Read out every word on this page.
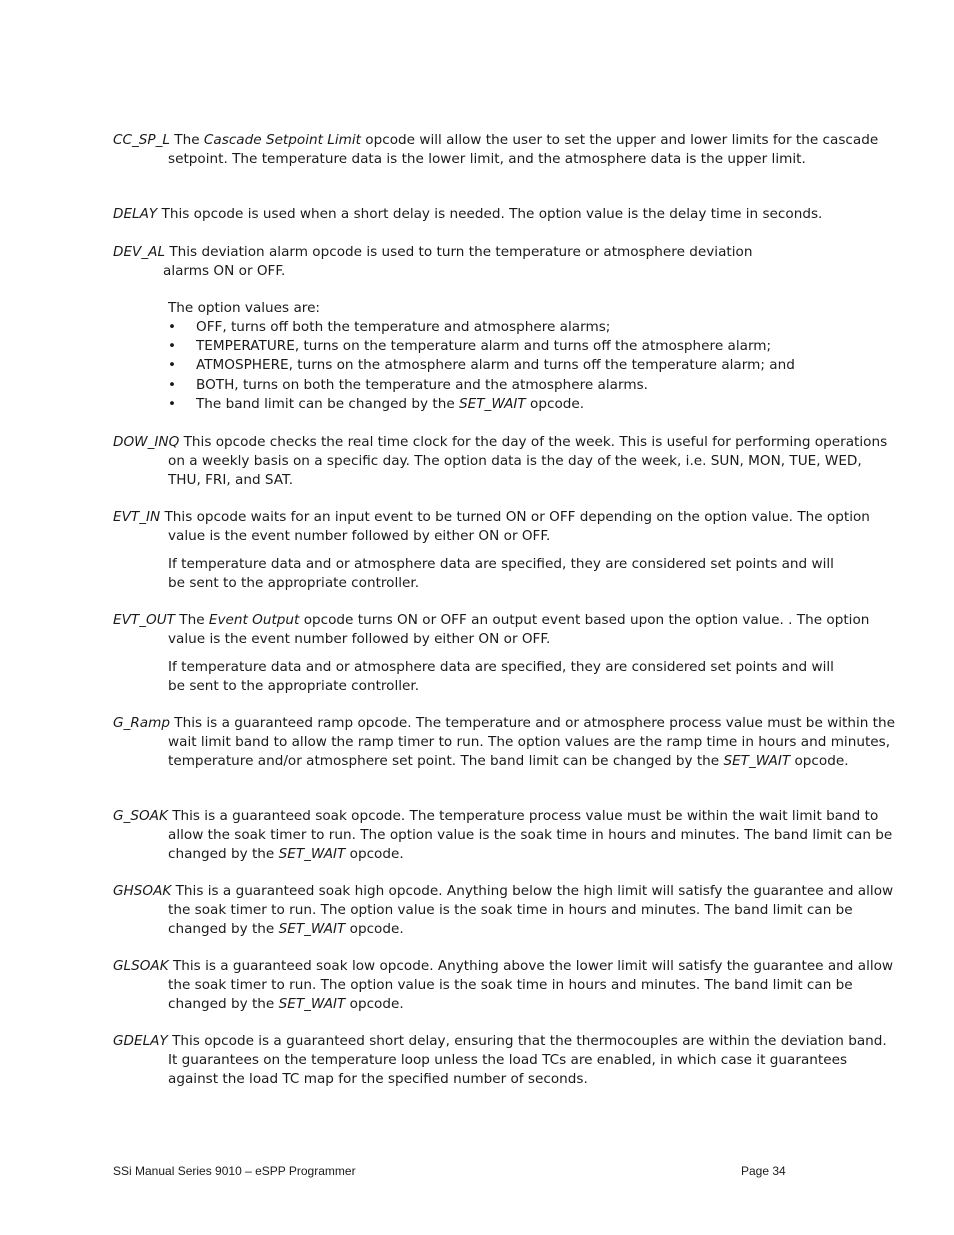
CC_SP_L The Cascade Setpoint Limit opcode will allow the user to set the upper and lower limits for the cascade setpoint. The temperature data is the lower limit, and the atmosphere data is the upper limit.
DELAY This opcode is used when a short delay is needed. The option value is the delay time in seconds.
DEV_AL This deviation alarm opcode is used to turn the temperature or atmosphere deviation
alarms ON or OFF.
The option values are:
• OFF, turns off both the temperature and atmosphere alarms;
• TEMPERATURE, turns on the temperature alarm and turns off the atmosphere alarm;
• ATMOSPHERE, turns on the atmosphere alarm and turns off the temperature alarm; and
• BOTH, turns on both the temperature and the atmosphere alarms.
• The band limit can be changed by the SET_WAIT opcode.
DOW_INQ This opcode checks the real time clock for the day of the week. This is useful for performing operations on a weekly basis on a specific day. The option data is the day of the week, i.e. SUN, MON, TUE, WED, THU, FRI, and SAT.
EVT_IN This opcode waits for an input event to be turned ON or OFF depending on the option value. The option value is the event number followed by either ON or OFF.
If temperature data and or atmosphere data are specified, they are considered set points and will be sent to the appropriate controller.
EVT_OUT The Event Output opcode turns ON or OFF an output event based upon the option value. . The option value is the event number followed by either ON or OFF.
If temperature data and or atmosphere data are specified, they are considered set points and will be sent to the appropriate controller.
G_Ramp This is a guaranteed ramp opcode. The temperature and or atmosphere process value must be within the wait limit band to allow the ramp timer to run. The option values are the ramp time in hours and minutes, temperature and/or atmosphere set point. The band limit can be changed by the SET_WAIT opcode.
G_SOAK This is a guaranteed soak opcode. The temperature process value must be within the wait limit band to allow the soak timer to run. The option value is the soak time in hours and minutes. The band limit can be changed by the SET_WAIT opcode.
GHSOAK This is a guaranteed soak high opcode. Anything below the high limit will satisfy the guarantee and allow the soak timer to run. The option value is the soak time in hours and minutes. The band limit can be changed by the SET_WAIT opcode.
GLSOAK This is a guaranteed soak low opcode. Anything above the lower limit will satisfy the guarantee and allow the soak timer to run. The option value is the soak time in hours and minutes. The band limit can be changed by the SET_WAIT opcode.
GDELAY This opcode is a guaranteed short delay, ensuring that the thermocouples are within the deviation band. It guarantees on the temperature loop unless the load TCs are enabled, in which case it guarantees against the load TC map for the specified number of seconds.
SSi Manual Series 9010 – eSPP Programmer	Page 34
